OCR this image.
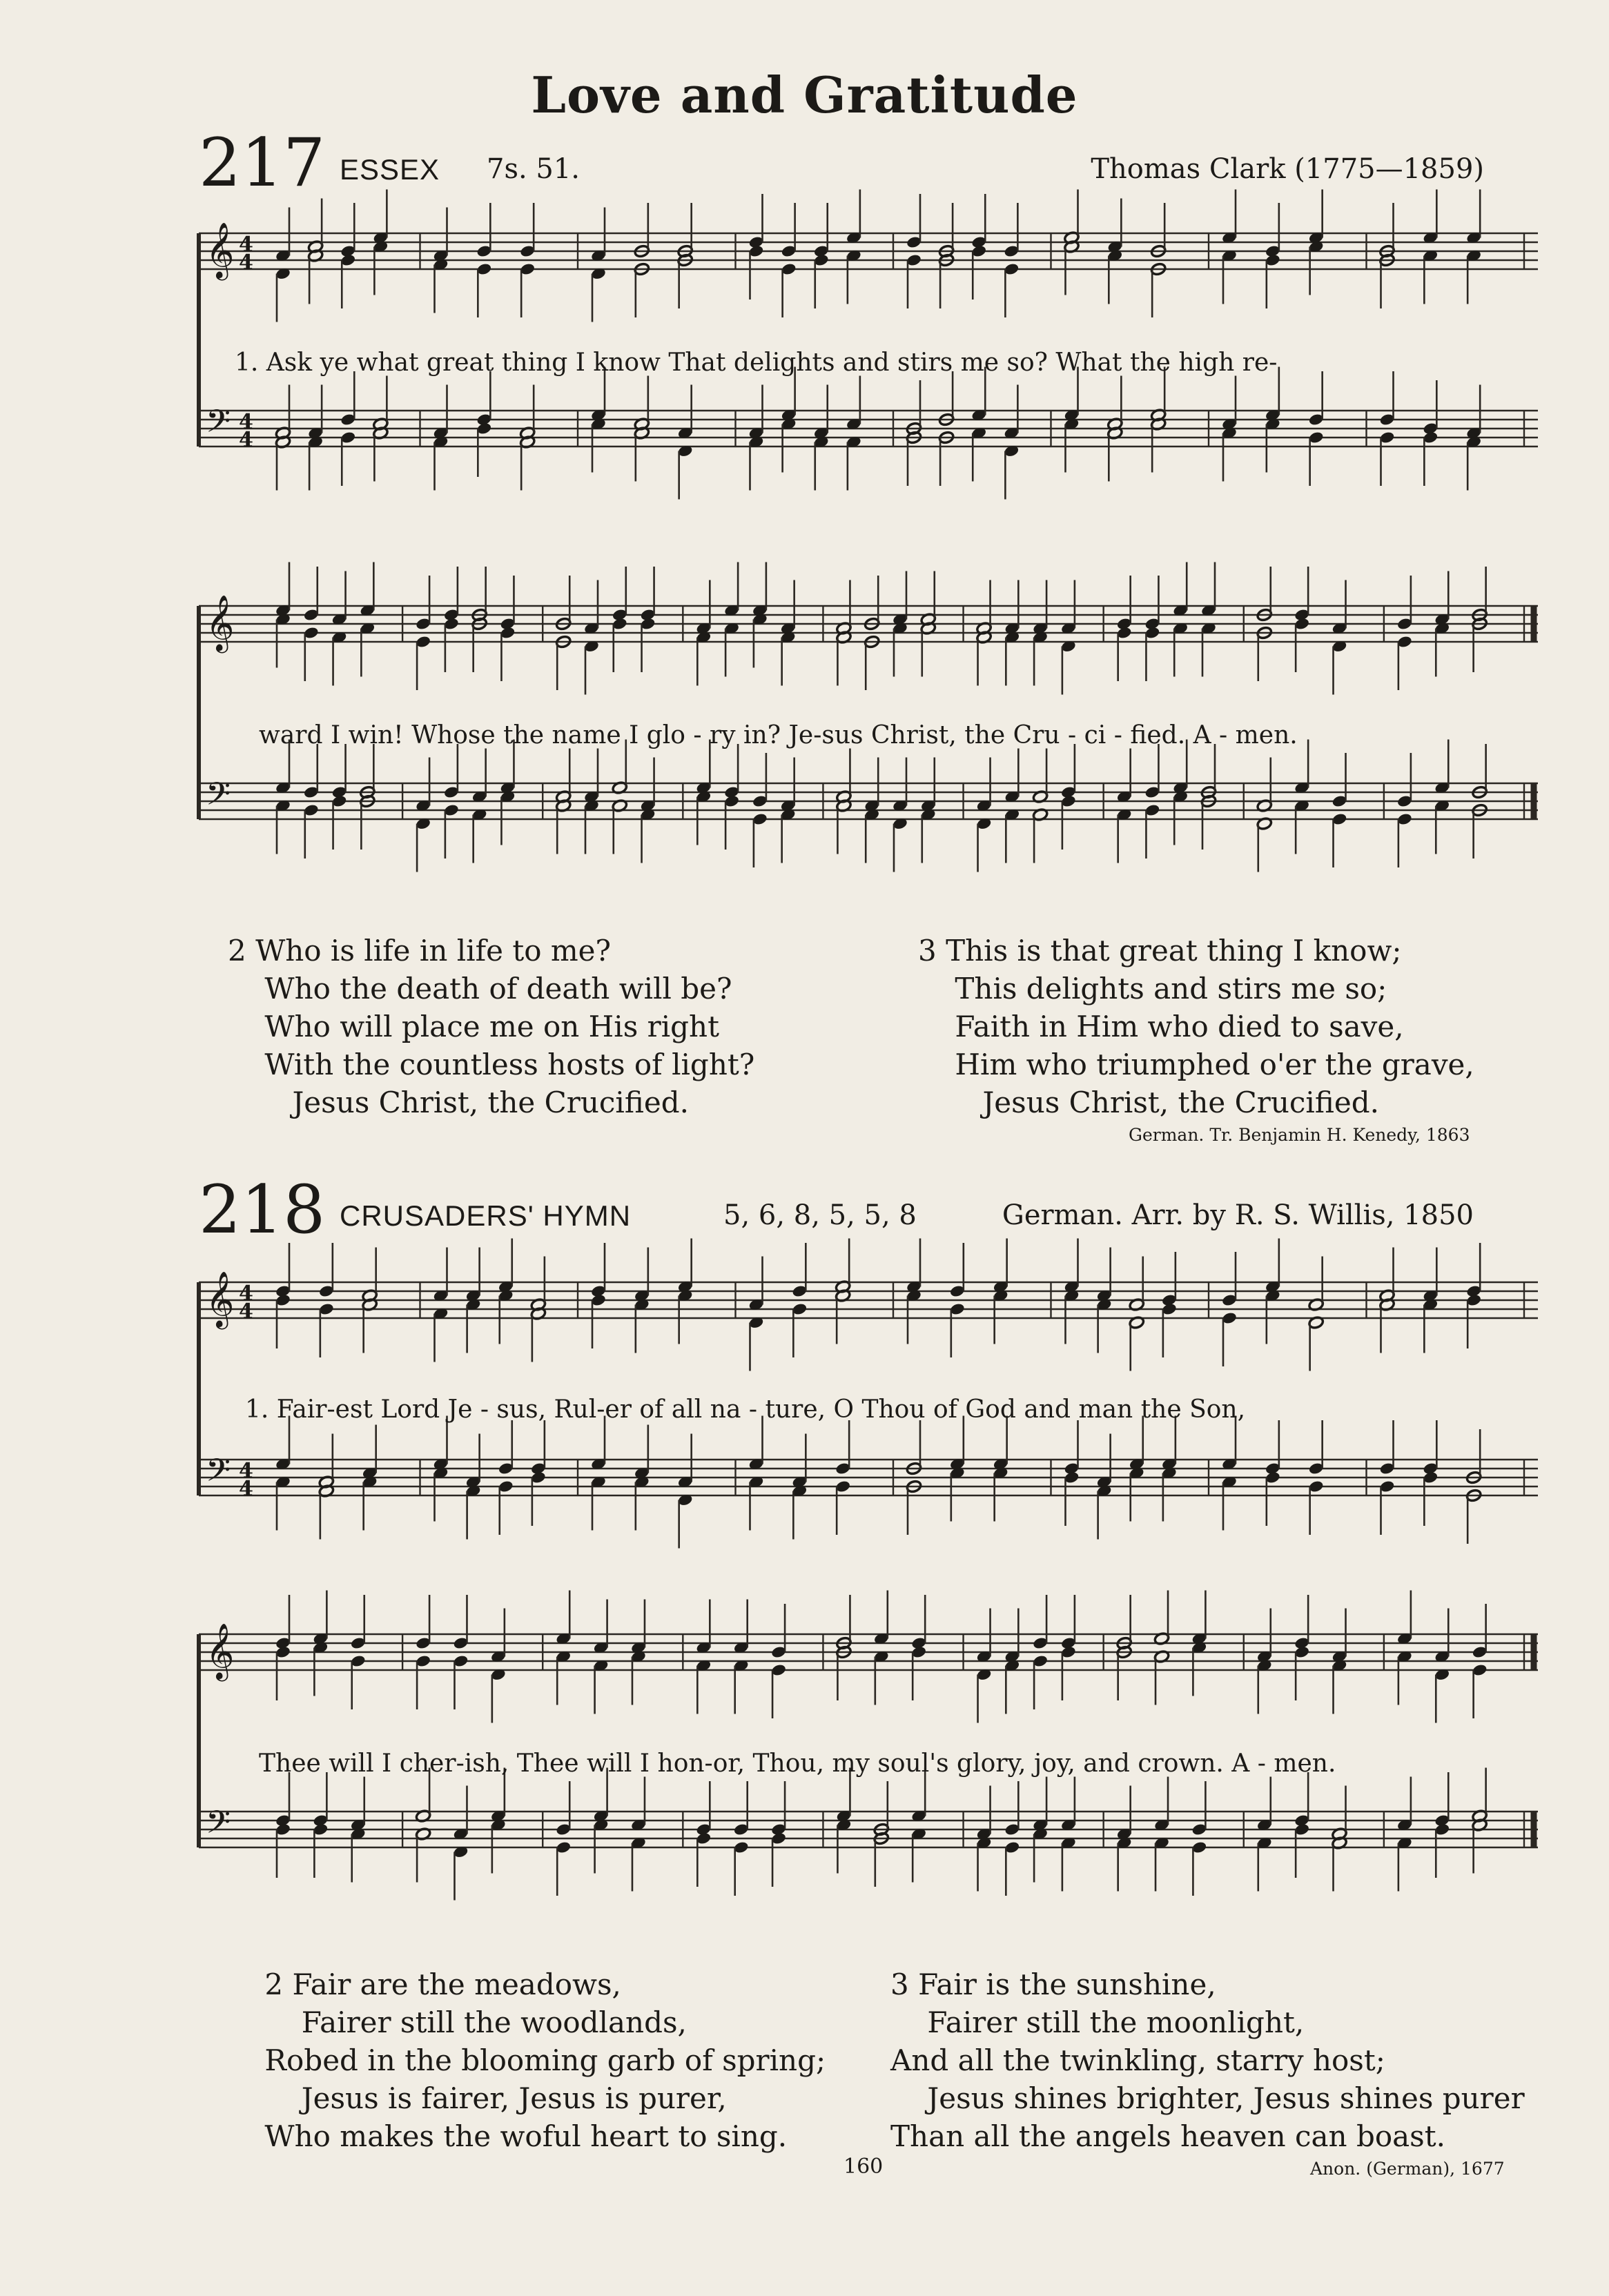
Love and Gratitude
217 ESSEX 7s. 51.	Thomas Clark (1775—1859)
𝄞
𝄢
4
4
4
4
1. Ask ye what great thing I know That delights and stirs me so? What the high re-
𝄞
𝄢
ward I win! Whose the name I glo - ry in? Je-sus Christ, the Cru - ci - fied. A - men.
2 Who is life in life to me?
Who the death of death will be?
Who will place me on His right
With the countless hosts of light?
Jesus Christ, the Crucified.
3 This is that great thing I know;
This delights and stirs me so;
Faith in Him who died to save,
Him who triumphed o'er the grave,
Jesus Christ, the Crucified.
German. Tr. Benjamin H. Kenedy, 1863
218 CRUSADERS' HYMN	5, 6, 8, 5, 5, 8	German. Arr. by R. S. Willis, 1850
𝄞
𝄢
4
4
4
4
1. Fair-est Lord Je - sus, Rul-er of all na - ture, O Thou of God and man the Son,
𝄞
𝄢
Thee will I cher-ish, Thee will I hon-or, Thou, my soul's glory, joy, and crown. A - men.
2 Fair are the meadows,
Fairer still the woodlands,
Robed in the blooming garb of spring;
Jesus is fairer, Jesus is purer,
Who makes the woful heart to sing.
3 Fair is the sunshine,
Fairer still the moonlight,
And all the twinkling, starry host;
Jesus shines brighter, Jesus shines purer
Than all the angels heaven can boast.
160	Anon. (German), 1677
